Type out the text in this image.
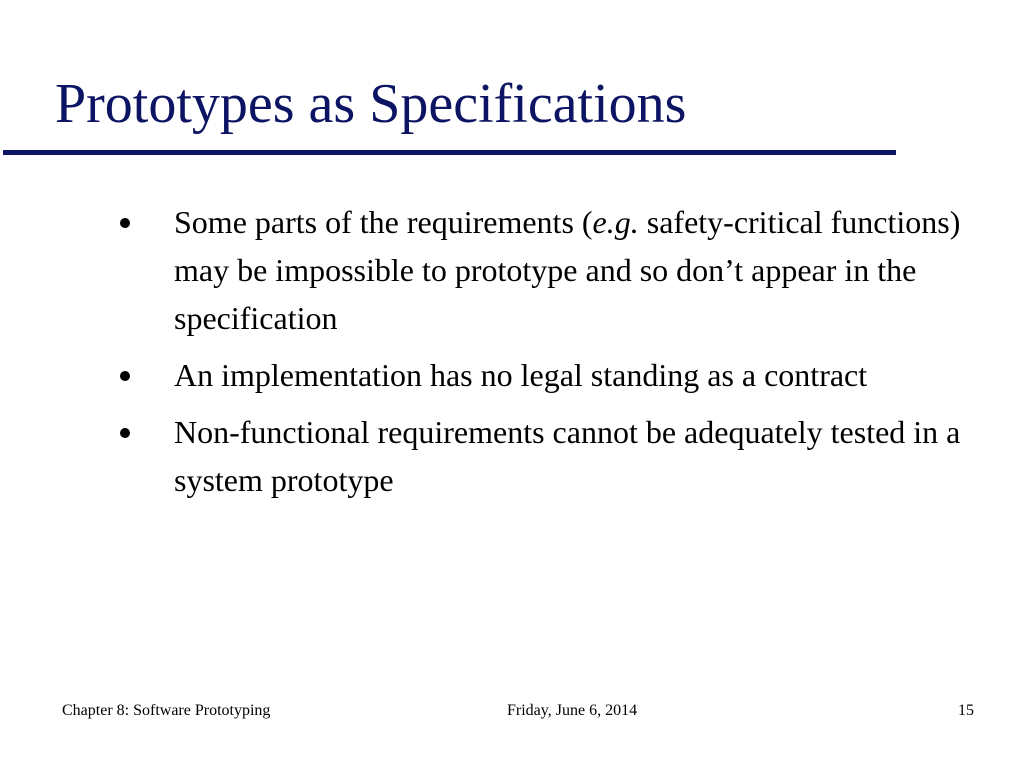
Prototypes as Specifications
Some parts of the requirements (e.g. safety-critical functions) may be impossible to prototype and so don’t appear in the specification
An implementation has no legal standing as a contract
Non-functional requirements cannot be adequately tested in a system prototype
Chapter 8: Software Prototyping	Friday, June 6, 2014	15
